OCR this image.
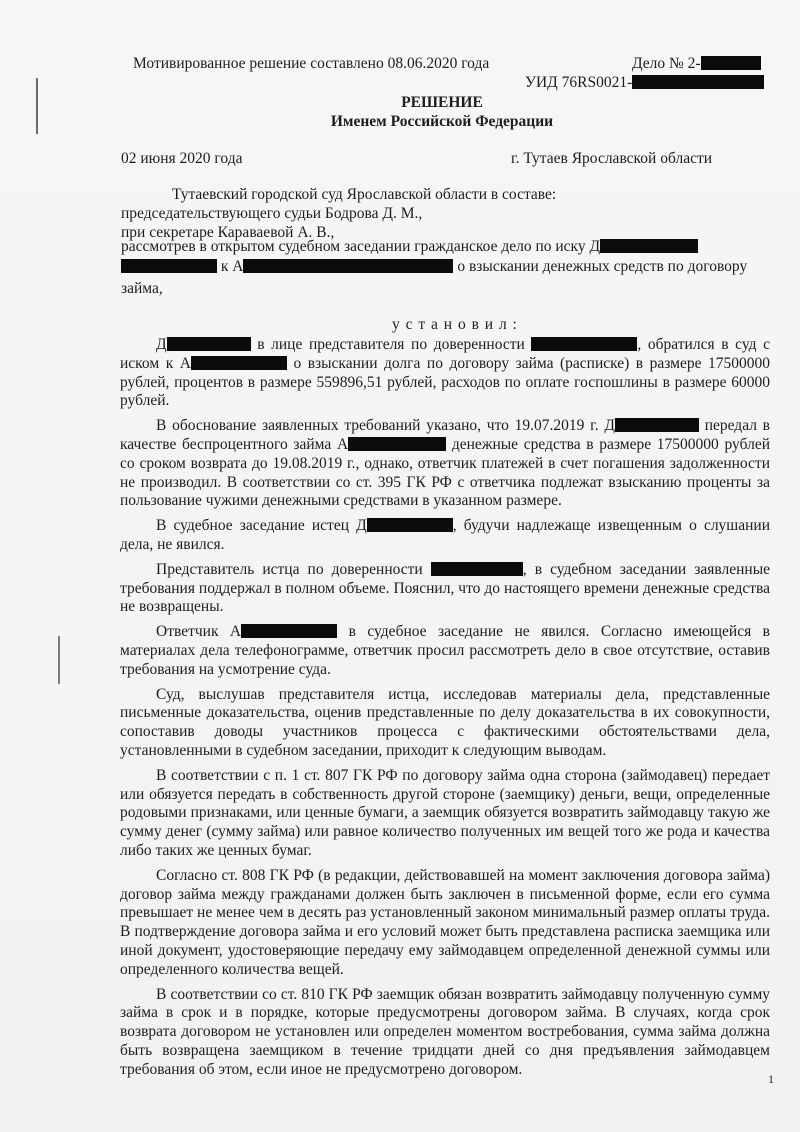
Мотивированное решение составлено 08.06.2020 года	Дело № 2-
УИД 76RS0021-
РЕШЕНИЕ
Именем Российской Федерации
02 июня 2020 года	г. Тутаев Ярославской области
Тутаевский городской суд Ярославской области в составе:
председательствующего судьи Бодрова Д. М.,
при секретаре Караваевой А. В.,
рассмотрев в открытом судебном заседании гражданское дело по иску Д
к А	о взыскании денежных средств по договору
займа,
у с т а н о в и л :

Д	в лице представителя по доверенности	, обратился в суд с иском к А	о взыскании долга по договору займа (расписке) в размере 17500000 рублей, процентов в размере 559896,51 рублей, расходов по оплате госпошлины в размере 60000 рублей.

В обоснование заявленных требований указано, что 19.07.2019 г. Д	передал в качестве беспроцентного займа А	денежные средства в размере 17500000 рублей со сроком возврата до 19.08.2019 г., однако, ответчик платежей в счет погашения задолженности не производил. В соответствии со ст. 395 ГК РФ с ответчика подлежат взысканию проценты за пользование чужими денежными средствами в указанном размере.

В судебное заседание истец Д	, будучи надлежаще извещенным о слушании дела, не явился.

Представитель истца по доверенности	, в судебном заседании заявленные требования поддержал в полном объеме. Пояснил, что до настоящего времени денежные средства не возвращены.

Ответчик А	в судебное заседание не явился. Согласно имеющейся в материалах дела телефонограмме, ответчик просил рассмотреть дело в свое отсутствие, оставив требования на усмотрение суда.

Суд, выслушав представителя истца, исследовав материалы дела, представленные письменные доказательства, оценив представленные по делу доказательства в их совокупности, сопоставив доводы участников процесса с фактическими обстоятельствами дела, установленными в судебном заседании, приходит к следующим выводам.

В соответствии с п. 1 ст. 807 ГК РФ по договору займа одна сторона (займодавец) передает или обязуется передать в собственность другой стороне (заемщику) деньги, вещи, определенные родовыми признаками, или ценные бумаги, а заемщик обязуется возвратить займодавцу такую же сумму денег (сумму займа) или равное количество полученных им вещей того же рода и качества либо таких же ценных бумаг.

Согласно ст. 808 ГК РФ (в редакции, действовавшей на момент заключения договора займа) договор займа между гражданами должен быть заключен в письменной форме, если его сумма превышает не менее чем в десять раз установленный законом минимальный размер оплаты труда. В подтверждение договора займа и его условий может быть представлена расписка заемщика или иной документ, удостоверяющие передачу ему займодавцем определенной денежной суммы или определенного количества вещей.

В соответствии со ст. 810 ГК РФ заемщик обязан возвратить займодавцу полученную сумму займа в срок и в порядке, которые предусмотрены договором займа. В случаях, когда срок возврата договором не установлен или определен моментом востребования, сумма займа должна быть возвращена заемщиком в течение тридцати дней со дня предъявления займодавцем требования об этом, если иное не предусмотрено договором.

1
